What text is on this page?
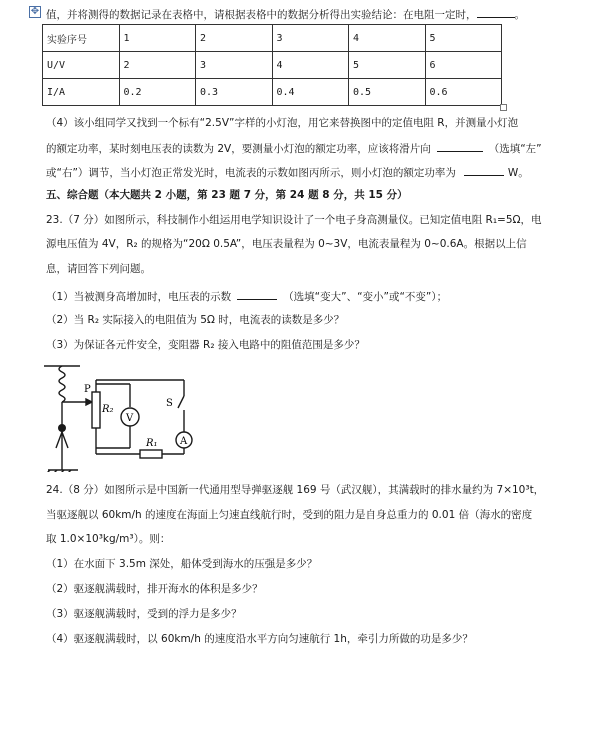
✥ 值，并将测得的数据记录在表格中，请根据表格中的数据分析得出实验结论：在电阻一定时，	。
实验序号	1	2	3	4	5
U/V	2	3	4	5	6
I/A	0.2	0.3	0.4	0.5	0.6
（4）该小组同学又找到一个标有“2.5V”字样的小灯泡，用它来替换图中的定值电阻 R，并测量小灯泡
的额定功率，某时刻电压表的读数为 2V，要测量小灯泡的额定功率，应该将滑片向	（选填“左”
或“右”）调节，当小灯泡正常发光时，电流表的示数如图丙所示，则小灯泡的额定功率为	W。
五、综合题（本大题共 2 小题，第 23 题 7 分，第 24 题 8 分，共 15 分）
23.（7 分）如图所示，科技制作小组运用电学知识设计了一个电子身高测量仪。已知定值电阻 R₁=5Ω，电
源电压值为 4V，R₂ 的规格为“20Ω 0.5A”，电压表量程为 0~3V，电流表量程为 0~0.6A。根据以上信
息，请回答下列问题。
（1）当被测身高增加时，电压表的示数	（选填“变大”、“变小”或“不变”）；
（2）当 R₂ 实际接入的电阻值为 5Ω 时，电流表的读数是多少？
（3）为保证各元件安全，变阻器 R₂ 接入电路中的阻值范围是多少？
P
R₂
V
S
A
R₁
24.（8 分）如图所示是中国新一代通用型导弹驱逐舰 169 号（武汉舰），其满载时的排水量约为 7×10³t，
当驱逐舰以 60km/h 的速度在海面上匀速直线航行时，受到的阻力是自身总重力的 0.01 倍（海水的密度
取 1.0×10³kg/m³）。则：
（1）在水面下 3.5m 深处，船体受到海水的压强是多少？
（2）驱逐舰满载时，排开海水的体积是多少？
（3）驱逐舰满载时，受到的浮力是多少？
（4）驱逐舰满载时，以 60km/h 的速度沿水平方向匀速航行 1h，牵引力所做的功是多少？
